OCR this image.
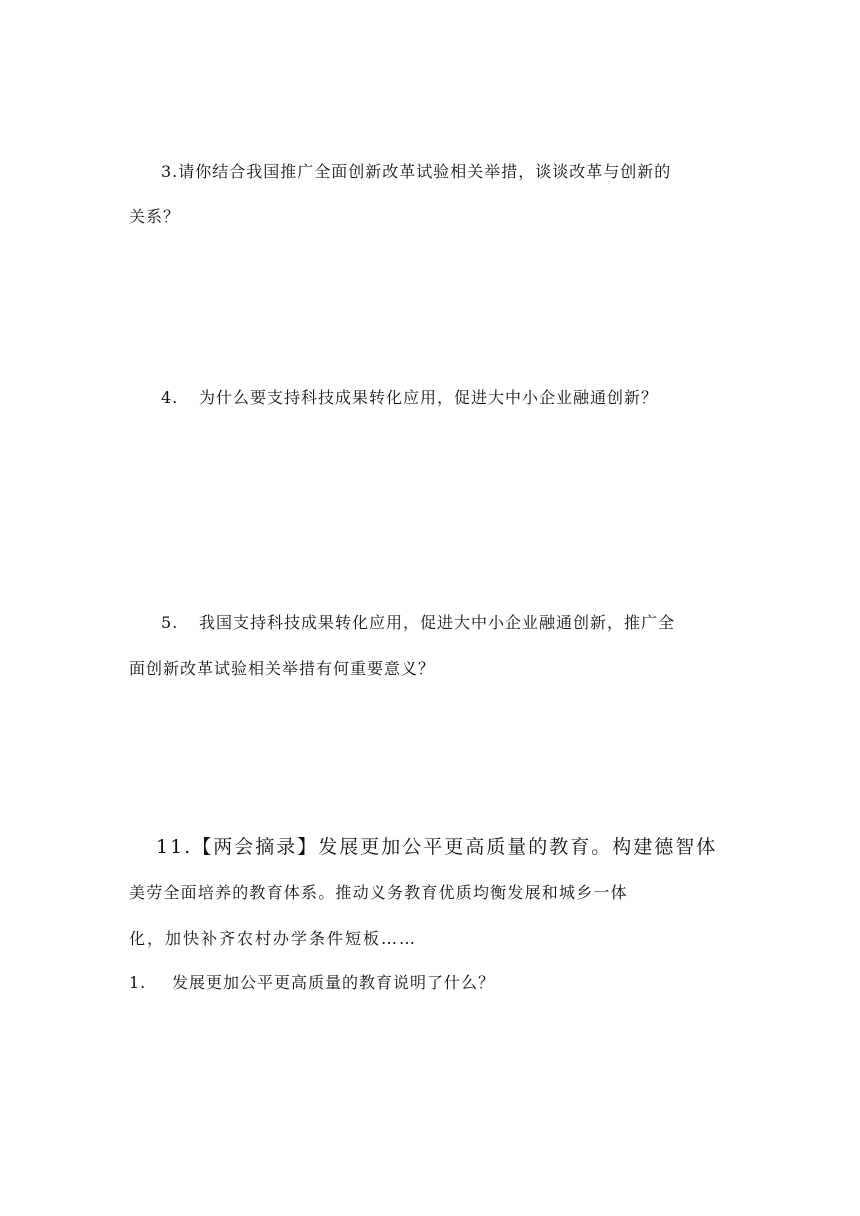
3.请你结合我国推广全面创新改革试验相关举措，谈谈改革与创新的
关系？
4. 为什么要支持科技成果转化应用，促进大中小企业融通创新？
5. 我国支持科技成果转化应用，促进大中小企业融通创新，推广全
面创新改革试验相关举措有何重要意义？
11.【两会摘录】发展更加公平更高质量的教育。构建德智体
美劳全面培养的教育体系。推动义务教育优质均衡发展和城乡一体
化，加快补齐农村办学条件短板……
1. 发展更加公平更高质量的教育说明了什么？
